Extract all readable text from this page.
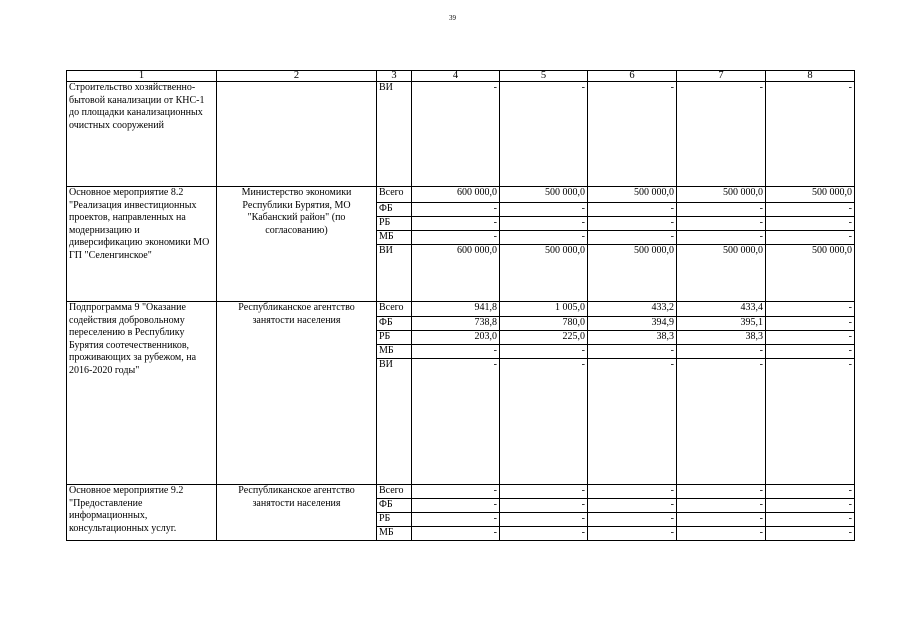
39
1	2	3	4	5	6	7	8
Строительство хозяйственно-бытовой канализации от КНС-1 до площадки канализационных очистных сооружений		ВИ	-	-	-	-	-
Основное мероприятие 8.2 "Реализация инвестиционных проектов, направленных на модернизацию и диверсификацию экономики МО ГП "Селенгинское"	Министерство экономики Республики Бурятия, МО "Кабанский район" (по согласованию)	Всего	600 000,0	500 000,0	500 000,0	500 000,0	500 000,0
		ФБ	-	-	-	-	-
		РБ	-	-	-	-	-
		МБ	-	-	-	-	-
		ВИ	600 000,0	500 000,0	500 000,0	500 000,0	500 000,0
Подпрограмма 9 "Оказание содействия добровольному переселению в Республику Бурятия соотечественников, проживающих за рубежом, на 2016-2020 годы"	Республиканское агентство занятости населения	Всего	941,8	1 005,0	433,2	433,4	-
		ФБ	738,8	780,0	394,9	395,1	-
		РБ	203,0	225,0	38,3	38,3	-
		МБ	-	-	-	-	-
		ВИ	-	-	-	-	-
Основное мероприятие 9.2 "Предоставление информационных, консультационных услуг.	Республиканское агентство занятости населения	Всего	-	-	-	-	-
		ФБ	-	-	-	-	-
		РБ	-	-	-	-	-
		МБ	-	-	-	-	-
